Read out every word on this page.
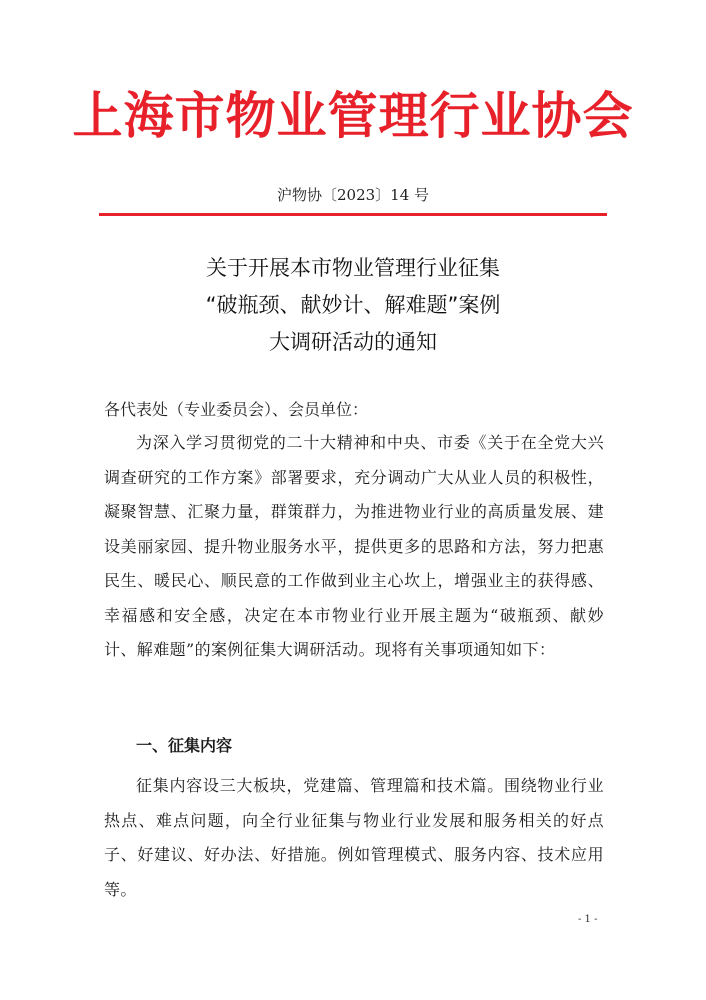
上海市物业管理行业协会
沪物协〔2023〕14 号
关于开展本市物业管理行业征集
“破瓶颈、献妙计、解难题”案例
大调研活动的通知
各代表处（专业委员会）、会员单位：
为深入学习贯彻党的二十大精神和中央、市委《关于在全党大兴调查研究的工作方案》部署要求，充分调动广大从业人员的积极性，凝聚智慧、汇聚力量，群策群力，为推进物业行业的高质量发展、建设美丽家园、提升物业服务水平，提供更多的思路和方法，努力把惠民生、暖民心、顺民意的工作做到业主心坎上，增强业主的获得感、幸福感和安全感，决定在本市物业行业开展主题为“破瓶颈、献妙计、解难题”的案例征集大调研活动。现将有关事项通知如下：
一、征集内容
征集内容设三大板块，党建篇、管理篇和技术篇。围绕物业行业热点、难点问题，向全行业征集与物业行业发展和服务相关的好点子、好建议、好办法、好措施。例如管理模式、服务内容、技术应用等。
- 1 -
